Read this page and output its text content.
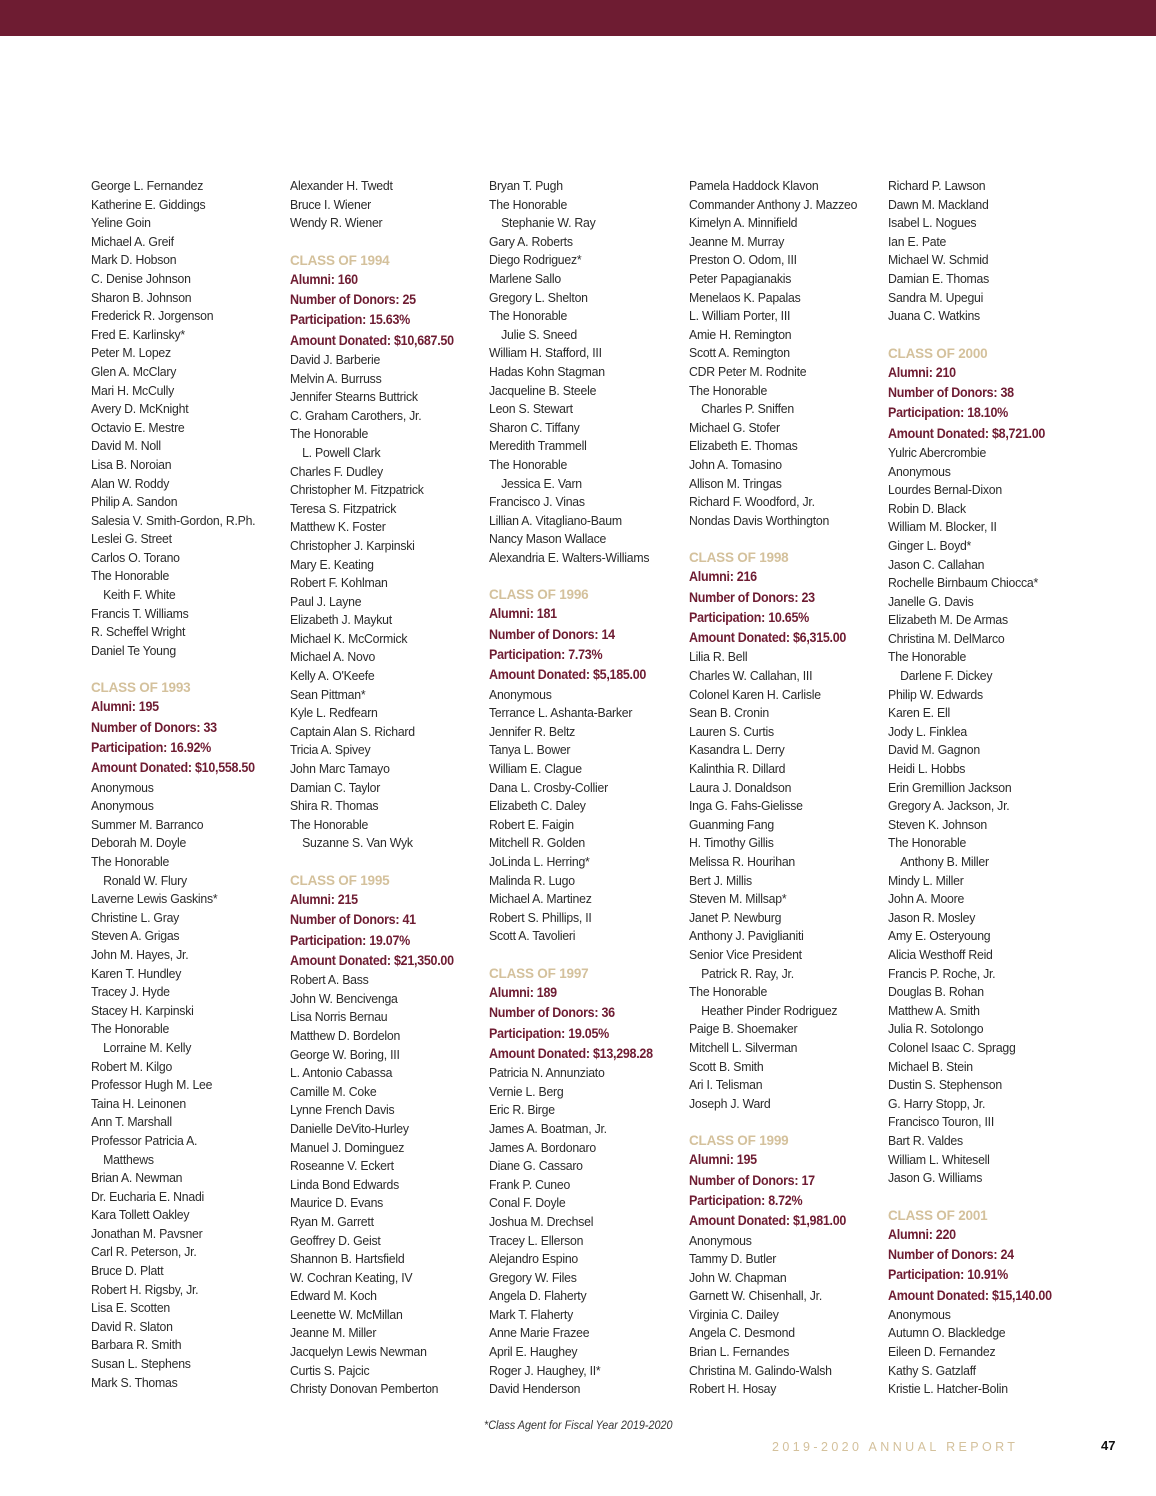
George L. Fernandez
Katherine E. Giddings
Yeline Goin
Michael A. Greif
Mark D. Hobson
C. Denise Johnson
Sharon B. Johnson
Frederick R. Jorgenson
Fred E. Karlinsky*
Peter M. Lopez
Glen A. McClary
Mari H. McCully
Avery D. McKnight
Octavio E. Mestre
David M. Noll
Lisa B. Noroian
Alan W. Roddy
Philip A. Sandon
Salesia V. Smith-Gordon, R.Ph.
Leslei G. Street
Carlos O. Torano
The Honorable
Keith F. White
Francis T. Williams
R. Scheffel Wright
Daniel Te Young
CLASS OF 1993
Alumni: 195
Number of Donors: 33
Participation: 16.92%
Amount Donated: $10,558.50
Anonymous
Anonymous
Summer M. Barranco
Deborah M. Doyle
The Honorable
Ronald W. Flury
Laverne Lewis Gaskins*
Christine L. Gray
Steven A. Grigas
John M. Hayes, Jr.
Karen T. Hundley
Tracey J. Hyde
Stacey H. Karpinski
The Honorable
Lorraine M. Kelly
Robert M. Kilgo
Professor Hugh M. Lee
Taina H. Leinonen
Ann T. Marshall
Professor Patricia A.
Matthews
Brian A. Newman
Dr. Eucharia E. Nnadi
Kara Tollett Oakley
Jonathan M. Pavsner
Carl R. Peterson, Jr.
Bruce D. Platt
Robert H. Rigsby, Jr.
Lisa E. Scotten
David R. Slaton
Barbara R. Smith
Susan L. Stephens
Mark S. Thomas
Alexander H. Twedt
Bruce I. Wiener
Wendy R. Wiener
CLASS OF 1994
Alumni: 160
Number of Donors: 25
Participation: 15.63%
Amount Donated: $10,687.50
David J. Barberie
Melvin A. Burruss
Jennifer Stearns Buttrick
C. Graham Carothers, Jr.
The Honorable
L. Powell Clark
Charles F. Dudley
Christopher M. Fitzpatrick
Teresa S. Fitzpatrick
Matthew K. Foster
Christopher J. Karpinski
Mary E. Keating
Robert F. Kohlman
Paul J. Layne
Elizabeth J. Maykut
Michael K. McCormick
Michael A. Novo
Kelly A. O'Keefe
Sean Pittman*
Kyle L. Redfearn
Captain Alan S. Richard
Tricia A. Spivey
John Marc Tamayo
Damian C. Taylor
Shira R. Thomas
The Honorable
Suzanne S. Van Wyk
CLASS OF 1995
Alumni: 215
Number of Donors: 41
Participation: 19.07%
Amount Donated: $21,350.00
Robert A. Bass
John W. Bencivenga
Lisa Norris Bernau
Matthew D. Bordelon
George W. Boring, III
L. Antonio Cabassa
Camille M. Coke
Lynne French Davis
Danielle DeVito-Hurley
Manuel J. Dominguez
Roseanne V. Eckert
Linda Bond Edwards
Maurice D. Evans
Ryan M. Garrett
Geoffrey D. Geist
Shannon B. Hartsfield
W. Cochran Keating, IV
Edward M. Koch
Leenette W. McMillan
Jeanne M. Miller
Jacquelyn Lewis Newman
Curtis S. Pajcic
Christy Donovan Pemberton
Bryan T. Pugh
The Honorable
Stephanie W. Ray
Gary A. Roberts
Diego Rodriguez*
Marlene Sallo
Gregory L. Shelton
The Honorable
Julie S. Sneed
William H. Stafford, III
Hadas Kohn Stagman
Jacqueline B. Steele
Leon S. Stewart
Sharon C. Tiffany
Meredith Trammell
The Honorable
Jessica E. Varn
Francisco J. Vinas
Lillian A. Vitagliano-Baum
Nancy Mason Wallace
Alexandria E. Walters-Williams
CLASS OF 1996
Alumni: 181
Number of Donors: 14
Participation: 7.73%
Amount Donated: $5,185.00
Anonymous
Terrance L. Ashanta-Barker
Jennifer R. Beltz
Tanya L. Bower
William E. Clague
Dana L. Crosby-Collier
Elizabeth C. Daley
Robert E. Faigin
Mitchell R. Golden
JoLinda L. Herring*
Malinda R. Lugo
Michael A. Martinez
Robert S. Phillips, II
Scott A. Tavolieri
CLASS OF 1997
Alumni: 189
Number of Donors: 36
Participation: 19.05%
Amount Donated: $13,298.28
Patricia N. Annunziato
Vernie L. Berg
Eric R. Birge
James A. Boatman, Jr.
James A. Bordonaro
Diane G. Cassaro
Frank P. Cuneo
Conal F. Doyle
Joshua M. Drechsel
Tracey L. Ellerson
Alejandro Espino
Gregory W. Files
Angela D. Flaherty
Mark T. Flaherty
Anne Marie Frazee
April E. Haughey
Roger J. Haughey, II*
David Henderson
Pamela Haddock Klavon
Commander Anthony J. Mazzeo
Kimelyn A. Minnifield
Jeanne M. Murray
Preston O. Odom, III
Peter Papagianakis
Menelaos K. Papalas
L. William Porter, III
Amie H. Remington
Scott A. Remington
CDR Peter M. Rodnite
The Honorable
Charles P. Sniffen
Michael G. Stofer
Elizabeth E. Thomas
John A. Tomasino
Allison M. Tringas
Richard F. Woodford, Jr.
Nondas Davis Worthington
CLASS OF 1998
Alumni: 216
Number of Donors: 23
Participation: 10.65%
Amount Donated: $6,315.00
Lilia R. Bell
Charles W. Callahan, III
Colonel Karen H. Carlisle
Sean B. Cronin
Lauren S. Curtis
Kasandra L. Derry
Kalinthia R. Dillard
Laura J. Donaldson
Inga G. Fahs-Gielisse
Guanming Fang
H. Timothy Gillis
Melissa R. Hourihan
Bert J. Millis
Steven M. Millsap*
Janet P. Newburg
Anthony J. Paviglianiti
Senior Vice President
Patrick R. Ray, Jr.
The Honorable
Heather Pinder Rodriguez
Paige B. Shoemaker
Mitchell L. Silverman
Scott B. Smith
Ari I. Telisman
Joseph J. Ward
CLASS OF 1999
Alumni: 195
Number of Donors: 17
Participation: 8.72%
Amount Donated: $1,981.00
Anonymous
Tammy D. Butler
John W. Chapman
Garnett W. Chisenhall, Jr.
Virginia C. Dailey
Angela C. Desmond
Brian L. Fernandes
Christina M. Galindo-Walsh
Robert H. Hosay
Richard P. Lawson
Dawn M. Mackland
Isabel L. Nogues
Ian E. Pate
Michael W. Schmid
Damian E. Thomas
Sandra M. Upegui
Juana C. Watkins
CLASS OF 2000
Alumni: 210
Number of Donors: 38
Participation: 18.10%
Amount Donated: $8,721.00
Yulric Abercrombie
Anonymous
Lourdes Bernal-Dixon
Robin D. Black
William M. Blocker, II
Ginger L. Boyd*
Jason C. Callahan
Rochelle Birnbaum Chiocca*
Janelle G. Davis
Elizabeth M. De Armas
Christina M. DelMarco
The Honorable
Darlene F. Dickey
Philip W. Edwards
Karen E. Ell
Jody L. Finklea
David M. Gagnon
Heidi L. Hobbs
Erin Gremillion Jackson
Gregory A. Jackson, Jr.
Steven K. Johnson
The Honorable
Anthony B. Miller
Mindy L. Miller
John A. Moore
Jason R. Mosley
Amy E. Osteryoung
Alicia Westhoff Reid
Francis P. Roche, Jr.
Douglas B. Rohan
Matthew A. Smith
Julia R. Sotolongo
Colonel Isaac C. Spragg
Michael B. Stein
Dustin S. Stephenson
G. Harry Stopp, Jr.
Francisco Touron, III
Bart R. Valdes
William L. Whitesell
Jason G. Williams
CLASS OF 2001
Alumni: 220
Number of Donors: 24
Participation: 10.91%
Amount Donated: $15,140.00
Anonymous
Autumn O. Blackledge
Eileen D. Fernandez
Kathy S. Gatzlaff
Kristie L. Hatcher-Bolin
*Class Agent for Fiscal Year 2019-2020
2019-2020 ANNUAL REPORT	47
